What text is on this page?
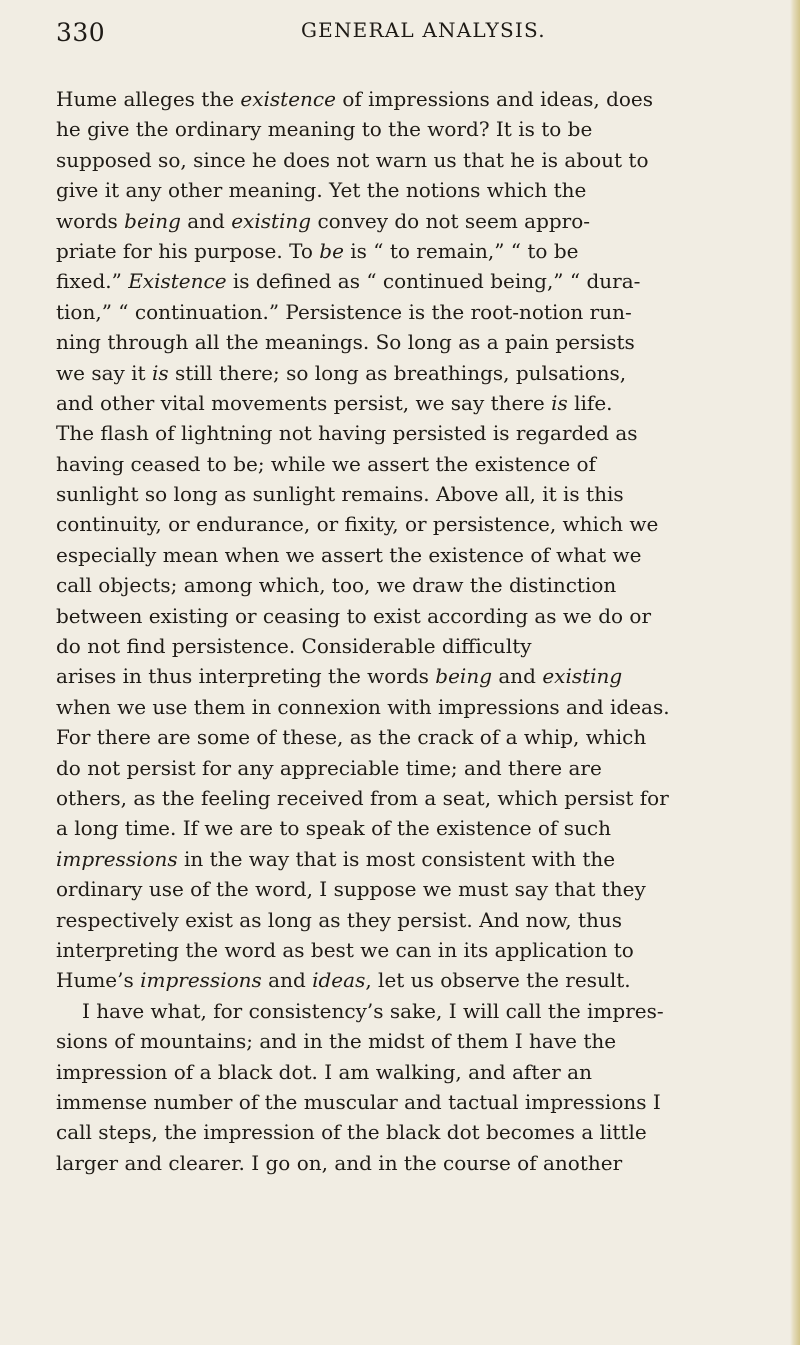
330	GENERAL ANALYSIS.
Hume alleges the existence of impressions and ideas, does
he give the ordinary meaning to the word? It is to be
supposed so, since he does not warn us that he is about to
give it any other meaning. Yet the notions which the
words being and existing convey do not seem appro-
priate for his purpose. To be is “ to remain,” “ to be
fixed.” Existence is defined as “ continued being,” “ dura-
tion,” “ continuation.” Persistence is the root-notion run-
ning through all the meanings. So long as a pain persists
we say it is still there; so long as breathings, pulsations,
and other vital movements persist, we say there is life.
The flash of lightning not having persisted is regarded as
having ceased to be; while we assert the existence of
sunlight so long as sunlight remains. Above all, it is this
continuity, or endurance, or fixity, or persistence, which we
especially mean when we assert the existence of what we
call objects; among which, too, we draw the distinction
between existing or ceasing to exist according as we do or
do not find persistence. Considerable difficulty
arises in thus interpreting the words being and existing
when we use them in connexion with impressions and ideas.
For there are some of these, as the crack of a whip, which
do not persist for any appreciable time; and there are
others, as the feeling received from a seat, which persist for
a long time. If we are to speak of the existence of such
impressions in the way that is most consistent with the
ordinary use of the word, I suppose we must say that they
respectively exist as long as they persist. And now, thus
interpreting the word as best we can in its application to
Hume’s impressions and ideas, let us observe the result.
I have what, for consistency’s sake, I will call the impres-
sions of mountains; and in the midst of them I have the
impression of a black dot. I am walking, and after an
immense number of the muscular and tactual impressions I
call steps, the impression of the black dot becomes a little
larger and clearer. I go on, and in the course of another
